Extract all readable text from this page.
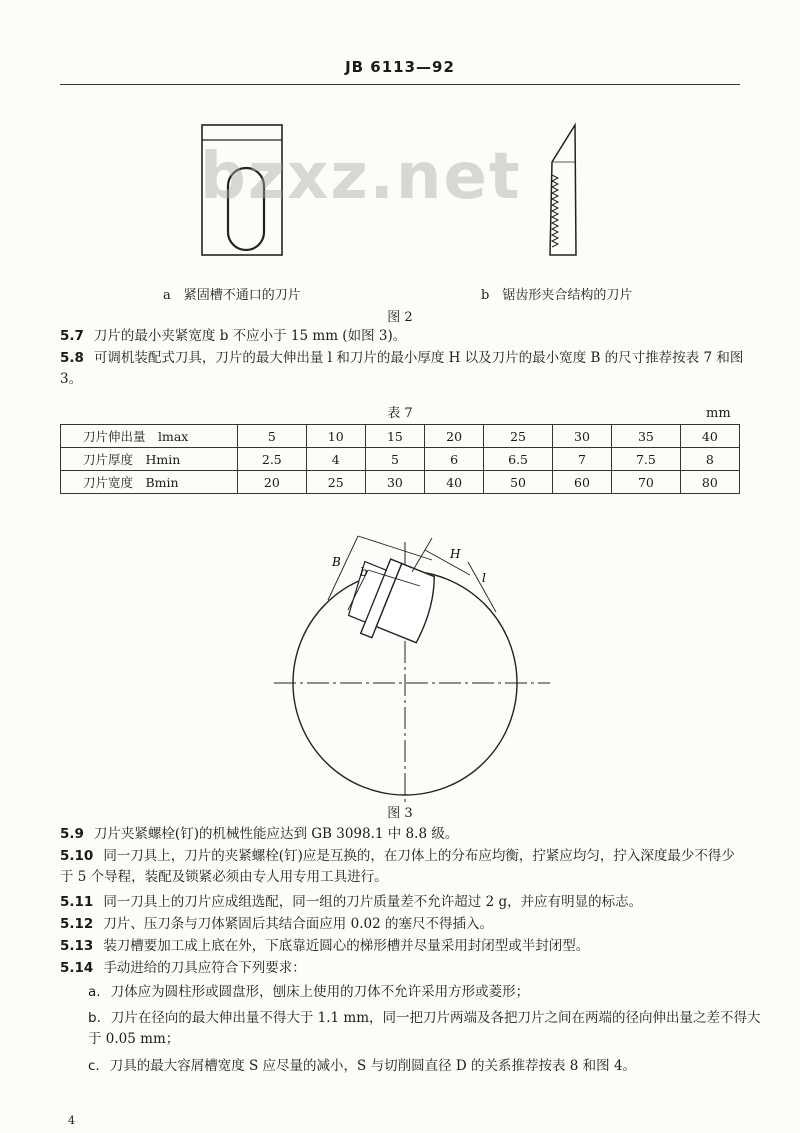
JB 6113—92
bzxz.net
a　紧固槽不通口的刀片	b　锯齿形夹合结构的刀片
图 2
5.7 刀片的最小夹紧宽度 b 不应小于 15 mm (如图 3)。
5.8 可调机装配式刀具，刀片的最大伸出量 l 和刀片的最小厚度 H 以及刀片的最小宽度 B 的尺寸推荐按表 7 和图 3。
表 7	mm
刀片伸出量　lmax	5	10	15	20	25	30	35	40
刀片厚度　Hmin	2.5	4	5	6	6.5	7	7.5	8
刀片宽度　Bmin	20	25	30	40	50	60	70	80
B
b
H
l
图 3
5.9 刀片夹紧螺栓(钉)的机械性能应达到 GB 3098.1 中 8.8 级。
5.10 同一刀具上，刀片的夹紧螺栓(钉)应是互换的，在刀体上的分布应均衡，拧紧应均匀，拧入深度最少不得少于 5 个导程，装配及锁紧必须由专人用专用工具进行。
5.11 同一刀具上的刀片应成组选配，同一组的刀片质量差不允许超过 2 g，并应有明显的标志。
5.12 刀片、压刀条与刀体紧固后其结合面应用 0.02 的塞尺不得插入。
5.13 装刀槽要加工成上底在外，下底靠近圆心的梯形槽并尽量采用封闭型或半封闭型。
5.14 手动进给的刀具应符合下列要求：
a. 刀体应为圆柱形或圆盘形，刨床上使用的刀体不允许采用方形或菱形；
b. 刀片在径向的最大伸出量不得大于 1.1 mm，同一把刀片两端及各把刀片之间在两端的径向伸出量之差不得大于 0.05 mm；
c. 刀具的最大容屑槽宽度 S 应尽量的减小，S 与切削圆直径 D 的关系推荐按表 8 和图 4。
4
